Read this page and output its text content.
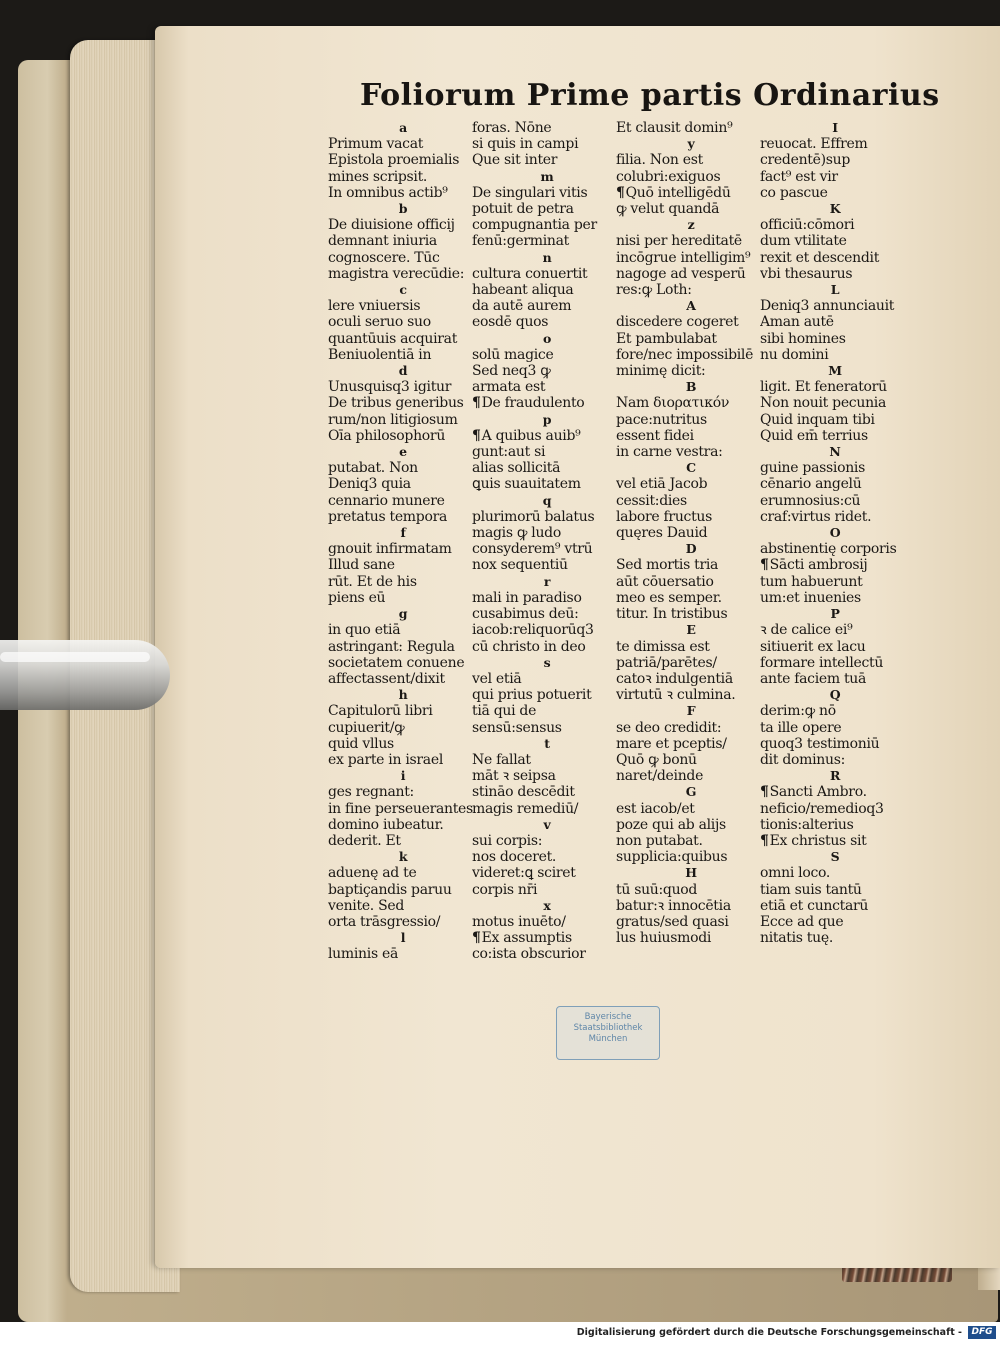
Foliorum Prime partis Ordinarius
a
Primum vacat
Epistola proemialis
mines scripsit.
In omnibus actib⁹
b
De diuisione officij
demnant iniuria
cognoscere. Tūc
magistra verecūdie:
c
lere vniuersis
oculi seruo suo
quantūuis acquirat
Beniuolentiā in
d
Unusquisq3 igitur
De tribus generibus
rum/non litigiosum
Oīa philosophorū
e
putabat. Non
Deniq3 quia
cennario munere
pretatus tempora
f
gnouit infirmatam
Illud sane
rūt. Et de his
piens eū
g
in quo etiā
astringant: Regula
societatem conuene
affectassent/dixit
h
Capitulorū libri
cupiuerit/ꝙ
quid vllus
ex parte in israel
i
ges regnant:
in fine perseuerantes
domino iubeatur.
dederit. Et
k
aduenę ad te
baptiçandis paruu
venite. Sed
orta trāsgressio/
l
luminis eā
foras. Nōne
si quis in campi
Que sit inter
m
De singulari vitis
potuit de petra
compugnantia per
fenū:germinat
n
cultura conuertit
habeant aliqua
da autē aurem
eosdē quos
o
solū magice
Sed neq3 ꝙ
armata est
¶De fraudulento
p
¶A quibus auib⁹
gunt:aut si
alias sollicitā
ꝗuis suauitatem
q
plurimorū balatus
magis ꝙ ludo
consyderem⁹ vtrū
nox sequentiū
r
mali in paradiso
cusabimus deū:
iacob:reliquorūq3
cū christo in deo
s
vel etiā
qui prius potuerit
tiā qui de
sensū:sensus
t
Ne fallat
māt ꝛ seipsa
stināo descēdit
magis remediū/
v
sui corpis:
nos doceret.
videret:ꝗ sciret
corpis nr̄i
x
motus inuēto/
¶Ex assumptis
co:ista obscurior
Et clausit domin⁹
y
filia. Non est
colubri:exiguos
¶Quō intelligēdū
ꝙ velut quandā
z
nisi per hereditatē
incōgrue intelligim⁹
nagoge ad vesperū
res:ꝙ Loth:
A
discedere cogeret
Et pambulabat
fore/nec impossibilē
minimę dicit:
B
Nam διορατικόν
pace:nutritus
essent fidei
in carne vestra:
C
vel etiā Jacob
cessit:dies
labore fructus
quęres Dauid
D
Sed mortis tria
aūt cōuersatio
meo es semper.
titur. In tristibus
E
te dimissa est
patriā/parētes/
catoꝛ indulgentiā
virtutū ꝛ culmina.
F
se deo credidit:
mare et pceptis/
Quō ꝙ bonū
naret/deinde
G
est iacob/et
poze qui ab alijs
non putabat.
supplicia:quibus
H
tū suū:quod
batur:ꝛ innocētia
gratus/sed quasi
lus huiusmodi
I
reuocat. Effrem
credentē)sup
fact⁹ est vir
co pascue
K
officiū:cōmori
dum vtilitate
rexit et descendit
vbi thesaurus
L
Deniq3 annunciauit
Aman autē
sibi homines
nu domini
M
ligit. Et feneratorū
Non nouit pecunia
Quid inquam tibi
Quid em̄ terrius
N
guine passionis
cēnario angelū
erumnosius:cū
craf:virtus ridet.
O
abstinentię corporis
¶Sācti ambrosij
tum habuerunt
um:et inuenies
P
ꝛ de calice ei⁹
sitiuerit ex lacu
formare intellectū
ante faciem tuā
Q
derim:ꝙ nō
ta ille opere
quoq3 testimoniū
dit dominus:
R
¶Sancti Ambro.
neficio/remedioq3
tionis:alterius
¶Ex christus sit
S
omni loco.
tiam suis tantū
etiā et cunctarū
Ecce ad que
nitatis tuę.
Bayerische
Staatsbibliothek
München
Digitalisierung gefördert durch die Deutsche Forschungsgemeinschaft -	DFG
